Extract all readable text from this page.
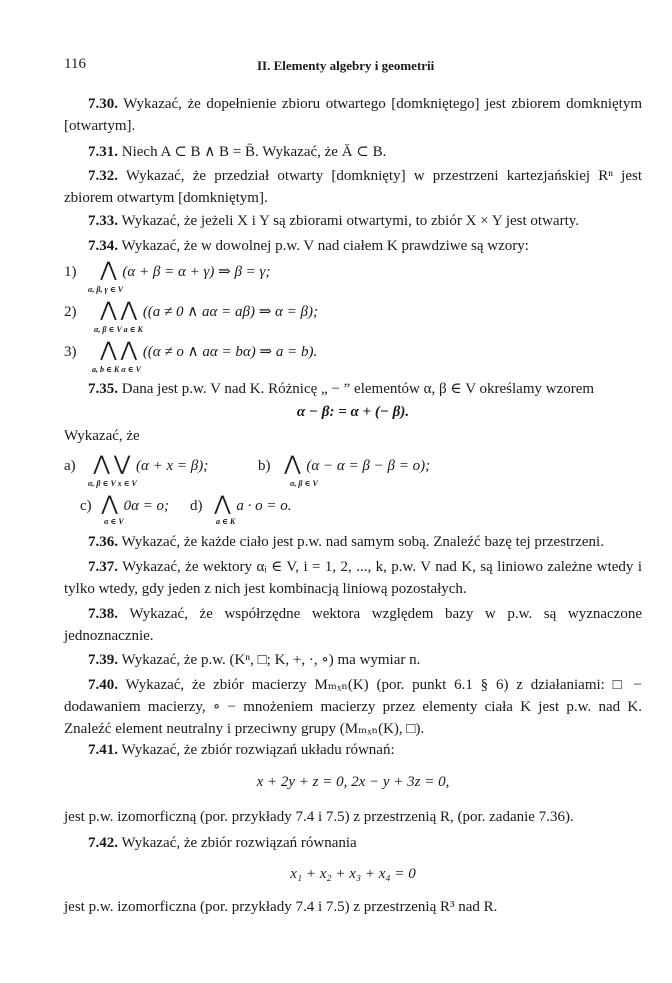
116	II. Elementy algebry i geometrii
7.30. Wykazać, że dopełnienie zbioru otwartego [domkniętego] jest zbiorem domkniętym [otwartym].
7.31. Niech A ⊂ B ∧ B = B̄. Wykazać, że Ā ⊂ B.
7.32. Wykazać, że przedział otwarty [domknięty] w przestrzeni kartezjańskiej Rⁿ jest zbiorem otwartym [domkniętym].
7.33. Wykazać, że jeżeli X i Y są zbiorami otwartymi, to zbiór X × Y jest otwarty.
7.34. Wykazać, że w dowolnej p.w. V nad ciałem K prawdziwe są wzory:
1) ⋀ (α + β = α + γ) ⇒ β = γ;
α, β, γ ∈ V
2) ⋀ ⋀ ((a ≠ 0 ∧ aα = aβ) ⇒ α = β);
α, β ∈ V a ∈ K
3) ⋀ ⋀ ((α ≠ o ∧ aα = bα) ⇒ a = b).
a, b ∈ K α ∈ V
7.35. Dana jest p.w. V nad K. Różnicę „ − ” elementów α, β ∈ V określamy wzorem
α − β: = α + (− β).
Wykazać, że
a) ⋀ ⋁ (α + x = β);
α, β ∈ V x ∈ V
b) ⋀ (α − α = β − β = o);
α, β ∈ V
c) ⋀ 0α = o;
α ∈ V
d) ⋀ a · o = o.
a ∈ K
7.36. Wykazać, że każde ciało jest p.w. nad samym sobą. Znaleźć bazę tej przestrzeni.
7.37. Wykazać, że wektory αᵢ ∈ V, i = 1, 2, ..., k, p.w. V nad K, są liniowo zależne wtedy i tylko wtedy, gdy jeden z nich jest kombinacją liniową pozostałych.
7.38. Wykazać, że współrzędne wektora względem bazy w p.w. są wyznaczone jednoznacznie.
7.39. Wykazać, że p.w. (Kⁿ, □; K, +, ·, ∘) ma wymiar n.
7.40. Wykazać, że zbiór macierzy Mₘₓₙ(K) (por. punkt 6.1 § 6) z działaniami: □ − dodawaniem macierzy, ∘ − mnożeniem macierzy przez elementy ciała K jest p.w. nad K. Znaleźć element neutralny i przeciwny grupy (Mₘₓₙ(K), □).
7.41. Wykazać, że zbiór rozwiązań układu równań:
x + 2y + z = 0, 2x − y + 3z = 0,
jest p.w. izomorficzną (por. przykłady 7.4 i 7.5) z przestrzenią R, (por. zadanie 7.36).
7.42. Wykazać, że zbiór rozwiązań równania
x₁ + x₂ + x₃ + x₄ = 0
jest p.w. izomorficzna (por. przykłady 7.4 i 7.5) z przestrzenią R³ nad R.
